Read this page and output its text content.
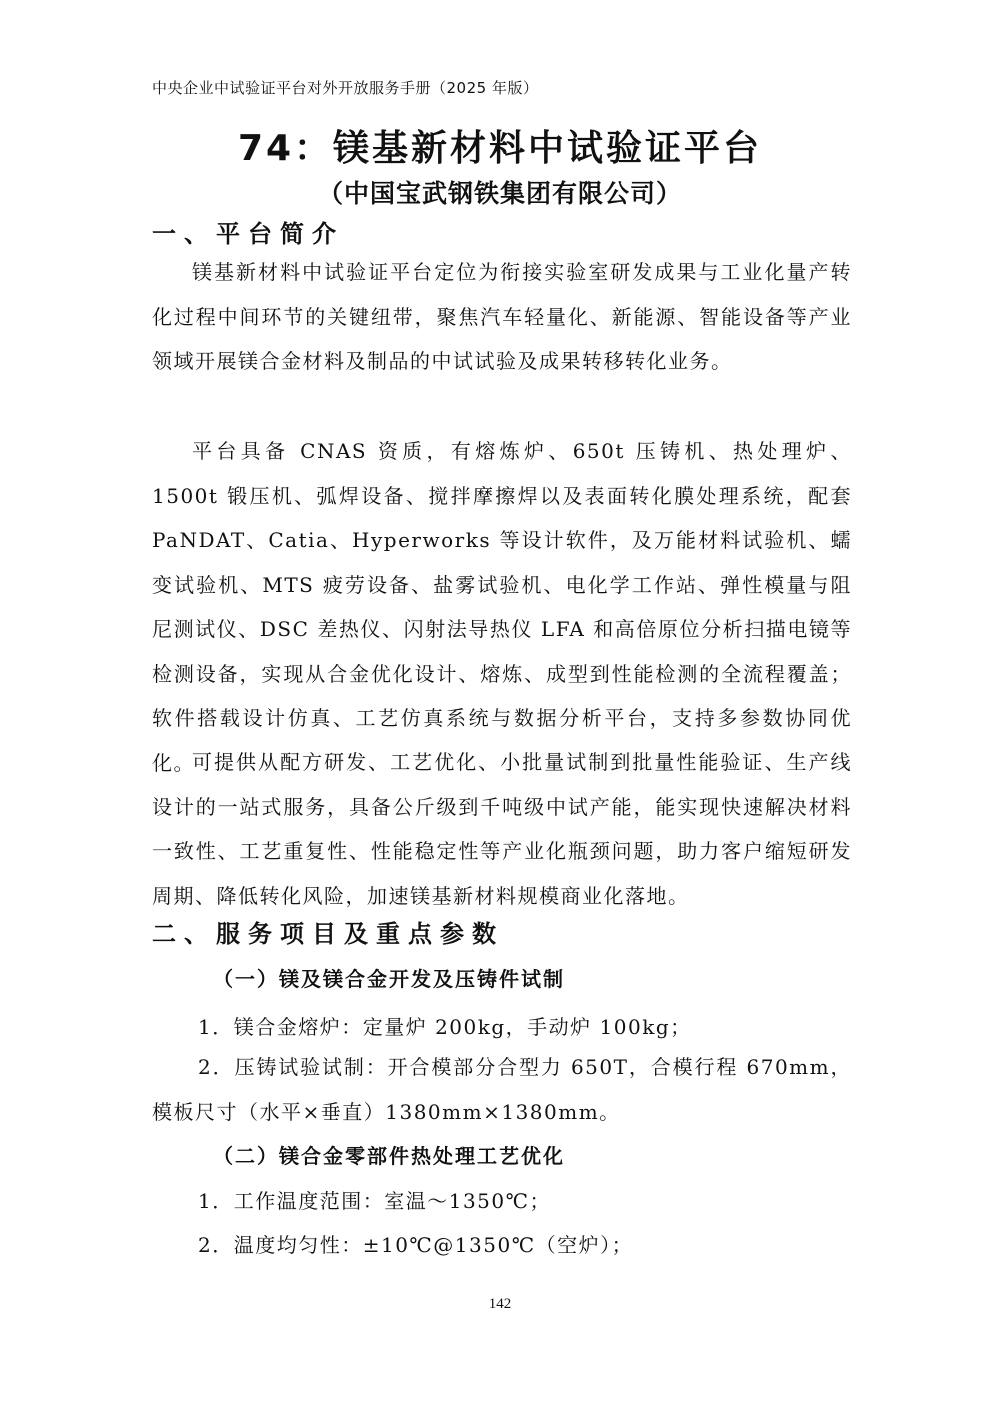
中央企业中试验证平台对外开放服务手册（2025 年版）
74：镁基新材料中试验证平台
（中国宝武钢铁集团有限公司）
一、平台简介

镁基新材料中试验证平台定位为衔接实验室研发成果与工业化量产转化过程中间环节的关键纽带，聚焦汽车轻量化、新能源、智能设备等产业领域开展镁合金材料及制品的中试试验及成果转移转化业务。

平台具备 CNAS 资质，有熔炼炉、650t 压铸机、热处理炉、1500t 锻压机、弧焊设备、搅拌摩擦焊以及表面转化膜处理系统，配套 PaNDAT、Catia、Hyperworks 等设计软件，及万能材料试验机、蠕变试验机、MTS 疲劳设备、盐雾试验机、电化学工作站、弹性模量与阻尼测试仪、DSC 差热仪、闪射法导热仪 LFA 和高倍原位分析扫描电镜等检测设备，实现从合金优化设计、熔炼、成型到性能检测的全流程覆盖；软件搭载设计仿真、工艺仿真系统与数据分析平台，支持多参数协同优化。

可提供从配方研发、工艺优化、小批量试制到批量性能验证、生产线设计的一站式服务，具备公斤级到千吨级中试产能，能实现快速解决材料一致性、工艺重复性、性能稳定性等产业化瓶颈问题，助力客户缩短研发周期、降低转化风险，加速镁基新材料规模商业化落地。

二、服务项目及重点参数
（一）镁及镁合金开发及压铸件试制
1．镁合金熔炉：定量炉 200kg，手动炉 100kg；
2．压铸试验试制：开合模部分合型力 650T，合模行程 670mm，模板尺寸（水平×垂直）1380mm×1380mm。
（二）镁合金零部件热处理工艺优化
1．工作温度范围：室温～1350℃；
2．温度均匀性：±10℃@1350℃（空炉）；
142
